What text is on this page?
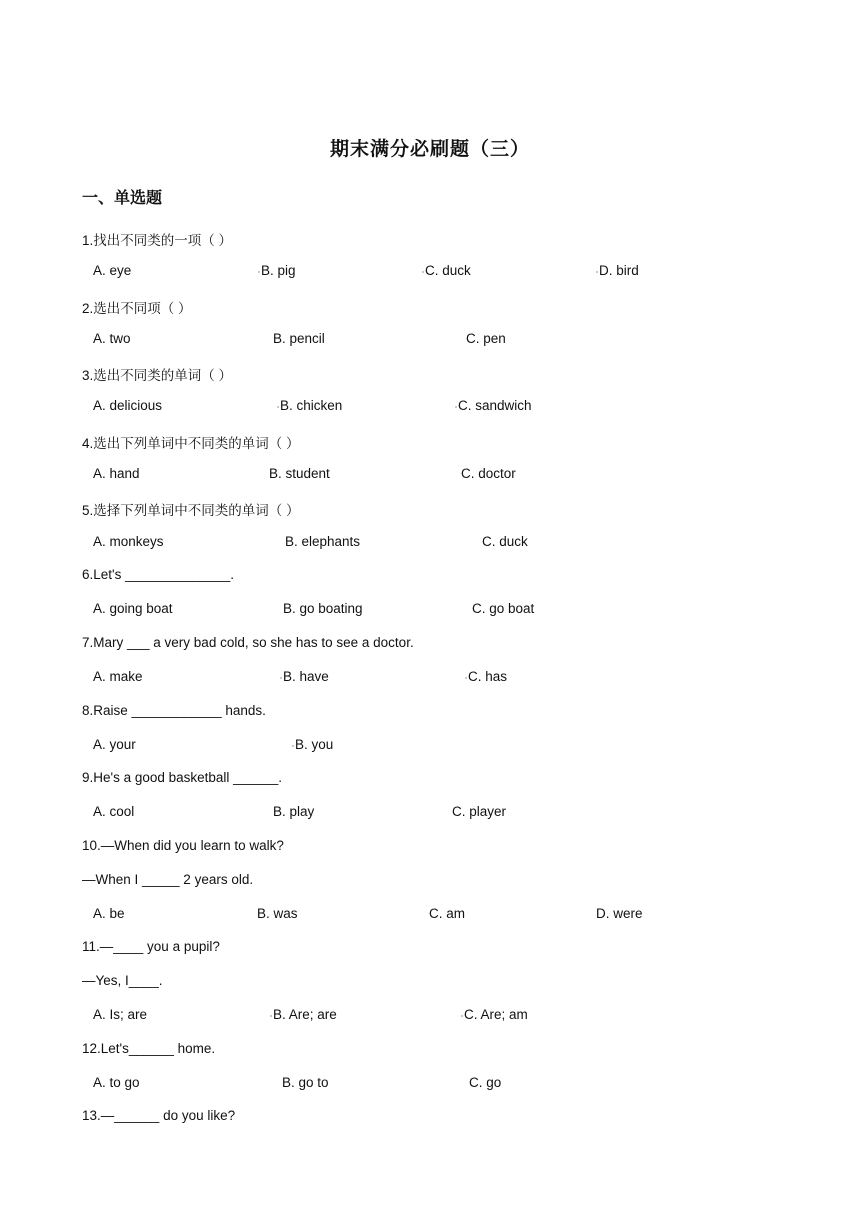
期末满分必刷题（三）
一、单选题
1.找出不同类的一项（ ）
A. eye	B. pig	C. duck	D. bird
2.选出不同项（ ）
A. two	B. pencil	C. pen
3.选出不同类的单词（ ）
A. delicious	B. chicken	C. sandwich
4.选出下列单词中不同类的单词（ ）
A. hand	B. student	C. doctor
5.选择下列单词中不同类的单词（ ）
A. monkeys	B. elephants	C. duck
6.Let's ______________.
A. going boat	B. go boating	C. go boat
7.Mary ___ a very bad cold, so she has to see a doctor.
A. make	B. have	C. has
8.Raise ____________ hands.
A. your	B. you
9.He's a good basketball ______.
A. cool	B. play	C. player
10.—When did you learn to walk?
—When I _____ 2 years old.
A. be	B. was	C. am	D. were
11.—____ you a pupil?
—Yes, I____.
A. Is; are	B. Are; are	C. Are; am
12.Let's______ home.
A. to go	B. go to	C. go
13.—______ do you like?
